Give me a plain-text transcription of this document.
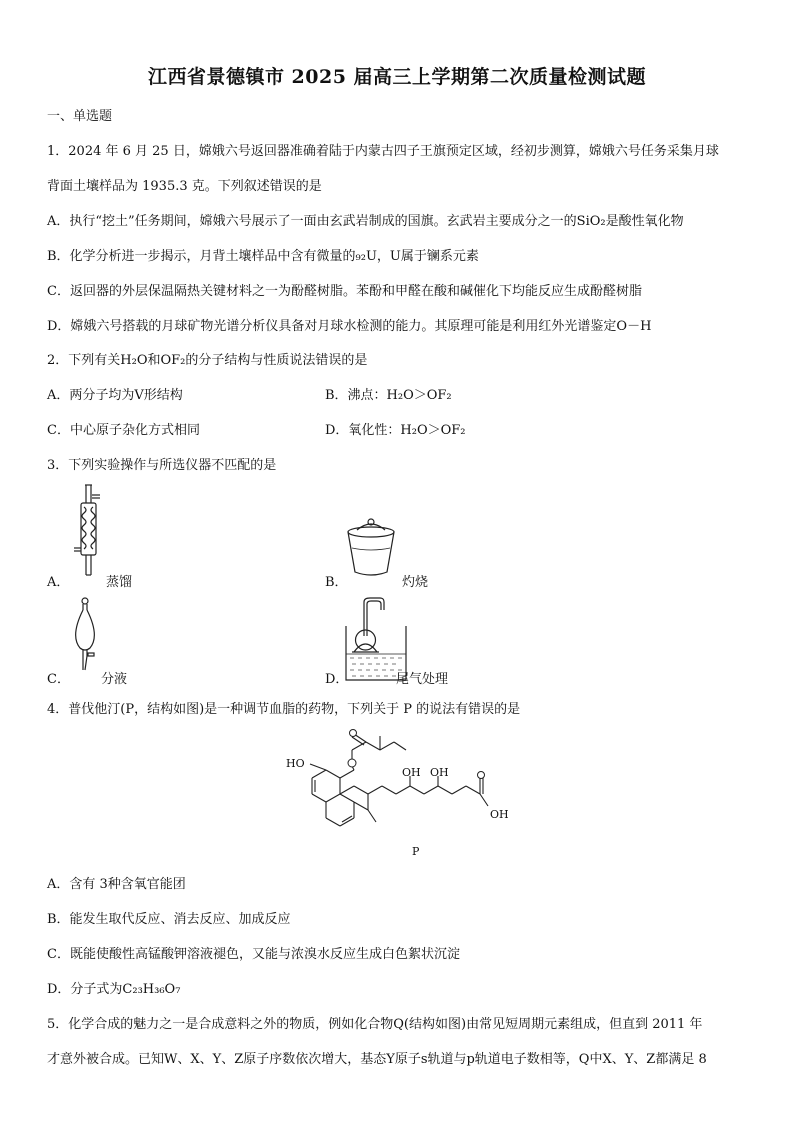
江西省景德镇市 2025 届高三上学期第二次质量检测试题
一、单选题
1．2024 年 6 月 25 日，嫦娥六号返回器准确着陆于内蒙古四子王旗预定区域，经初步测算，嫦娥六号任务采集月球
背面土壤样品为 1935.3 克。下列叙述错误的是
A．执行“挖土”任务期间，嫦娥六号展示了一面由玄武岩制成的国旗。玄武岩主要成分之一的SiO₂是酸性氧化物
B．化学分析进一步揭示，月背土壤样品中含有微量的₉₂U，U属于镧系元素
C．返回器的外层保温隔热关键材料之一为酚醛树脂。苯酚和甲醛在酸和碱催化下均能反应生成酚醛树脂
D．嫦娥六号搭载的月球矿物光谱分析仪具备对月球水检测的能力。其原理可能是利用红外光谱鉴定O－H
2．下列有关H₂O和OF₂的分子结构与性质说法错误的是
A．两分子均为V形结构	B．沸点：H₂O＞OF₂
C．中心原子杂化方式相同	D．氧化性：H₂O＞OF₂
3．下列实验操作与所选仪器不匹配的是
A．	蒸馏	B．	灼烧
C． 分液	D．	尾气处理
4．普伐他汀(P，结构如图)是一种调节血脂的药物，下列关于 P 的说法有错误的是
HO
OH OH
OH
P
A．含有 3种含氧官能团
B．能发生取代反应、消去反应、加成反应
C．既能使酸性高锰酸钾溶液褪色，又能与浓溴水反应生成白色絮状沉淀
D．分子式为C₂₃H₃₆O₇
5．化学合成的魅力之一是合成意料之外的物质，例如化合物Q(结构如图)由常见短周期元素组成，但直到 2011 年
才意外被合成。已知W、X、Y、Z原子序数依次增大，基态Y原子s轨道与p轨道电子数相等，Q中X、Y、Z都满足 8
